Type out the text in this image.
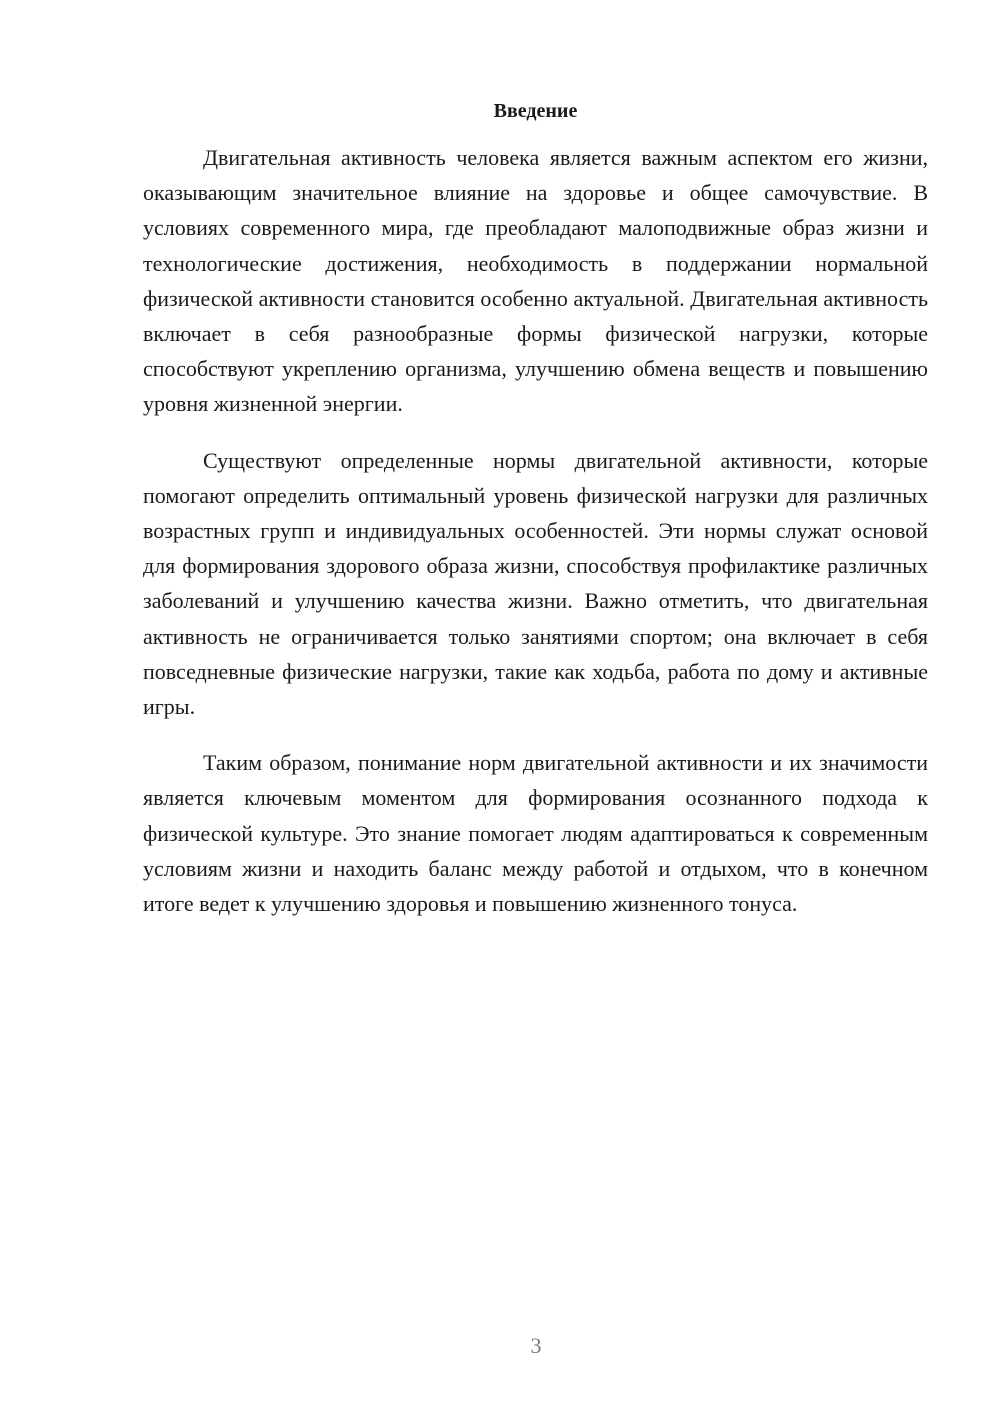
Введение

Двигательная активность человека является важным аспектом его жизни, оказывающим значительное влияние на здоровье и общее самочувствие. В условиях современного мира, где преобладают малоподвижные образ жизни и технологические достижения, необходимость в поддержании нормальной физической активности становится особенно актуальной. Двигательная активность включает в себя разнообразные формы физической нагрузки, которые способствуют укреплению организма, улучшению обмена веществ и повышению уровня жизненной энергии.

Существуют определенные нормы двигательной активности, которые помогают определить оптимальный уровень физической нагрузки для различных возрастных групп и индивидуальных особенностей. Эти нормы служат основой для формирования здорового образа жизни, способствуя профилактике различных заболеваний и улучшению качества жизни. Важно отметить, что двигательная активность не ограничивается только занятиями спортом; она включает в себя повседневные физические нагрузки, такие как ходьба, работа по дому и активные игры.

Таким образом, понимание норм двигательной активности и их значимости является ключевым моментом для формирования осознанного подхода к физической культуре. Это знание помогает людям адаптироваться к современным условиям жизни и находить баланс между работой и отдыхом, что в конечном итоге ведет к улучшению здоровья и повышению жизненного тонуса.

3
